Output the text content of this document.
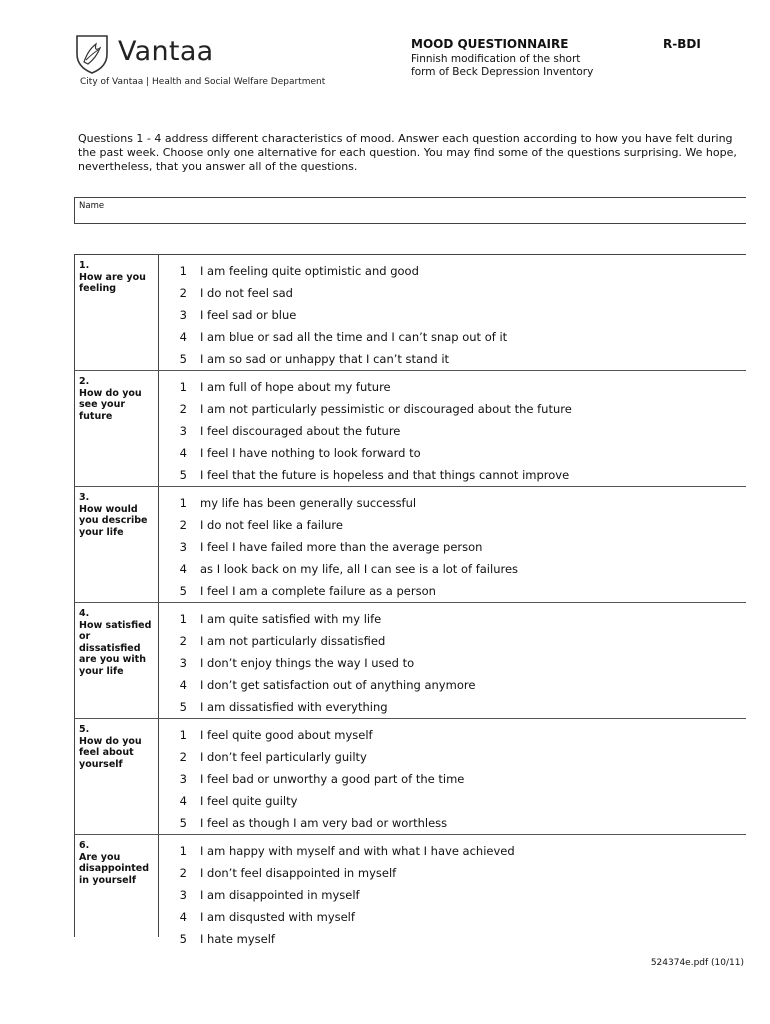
Vantaa
City of Vantaa | Health and Social Welfare Department
MOOD QUESTIONNAIRE	R-BDI
Finnish modification of the short
form of Beck Depression Inventory
Questions 1 - 4 address different characteristics of mood. Answer each question according to how you have felt during the past week. Choose only one alternative for each question. You may find some of the questions surprising. We hope, nevertheless, that you answer all of the questions.
Name
1.
How are you feeling
1 I am feeling quite optimistic and good
2 I do not feel sad
3 I feel sad or blue
4 I am blue or sad all the time and I can’t snap out of it
5 I am so sad or unhappy that I can’t stand it
2.
How do you see your future
1 I am full of hope about my future
2 I am not particularly pessimistic or discouraged about the future
3 I feel discouraged about the future
4 I feel I have nothing to look forward to
5 I feel that the future is hopeless and that things cannot improve
3.
How would you describe your life
1 my life has been generally successful
2 I do not feel like a failure
3 I feel I have failed more than the average person
4 as I look back on my life, all I can see is a lot of failures
5 I feel I am a complete failure as a person
4.
How satisfied or dissatisfied are you with your life
1 I am quite satisfied with my life
2 I am not particularly dissatisfied
3 I don’t enjoy things the way I used to
4 I don’t get satisfaction out of anything anymore
5 I am dissatisfied with everything
5.
How do you feel about yourself
1 I feel quite good about myself
2 I don’t feel particularly guilty
3 I feel bad or unworthy a good part of the time
4 I feel quite guilty
5 I feel as though I am very bad or worthless
6.
Are you disappointed in yourself
1 I am happy with myself and with what I have achieved
2 I don’t feel disappointed in myself
3 I am disappointed in myself
4 I am disqusted with myself
5 I hate myself
524374e.pdf (10/11)
